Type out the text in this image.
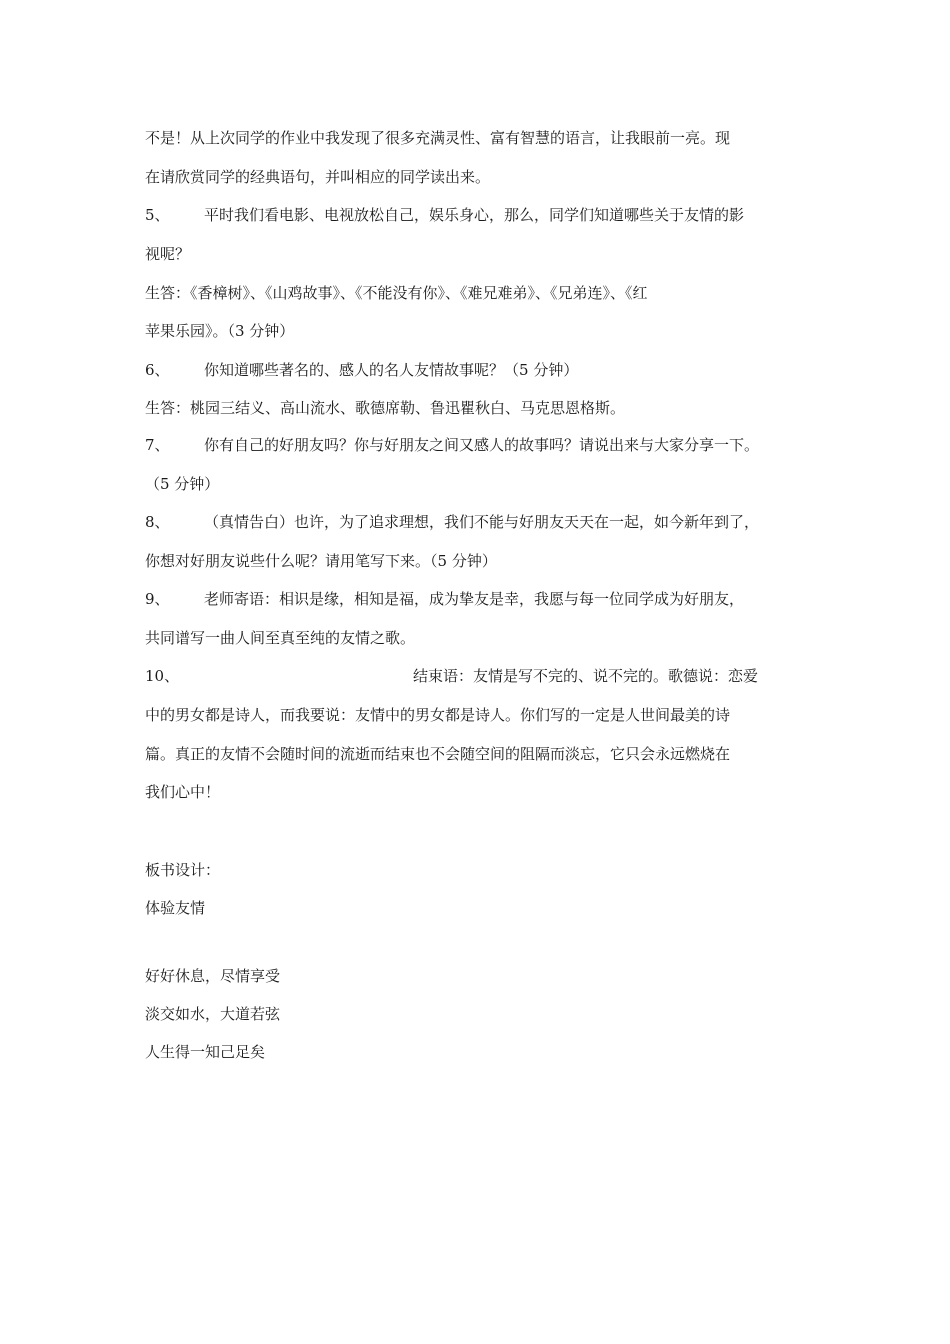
不是！从上次同学的作业中我发现了很多充满灵性、富有智慧的语言，让我眼前一亮。现
在请欣赏同学的经典语句，并叫相应的同学读出来。
5、 平时我们看电影、电视放松自己，娱乐身心，那么，同学们知道哪些关于友情的影
视呢？
生答：《香樟树》、《山鸡故事》、《不能没有你》、《难兄难弟》、《兄弟连》、《红
苹果乐园》。（3 分钟）
6、 你知道哪些著名的、感人的名人友情故事呢？（5 分钟）
生答：桃园三结义、高山流水、歌德席勒、鲁迅瞿秋白、马克思恩格斯。
7、 你有自己的好朋友吗？你与好朋友之间又感人的故事吗？请说出来与大家分享一下。
（5 分钟）
8、 （真情告白）也许，为了追求理想，我们不能与好朋友天天在一起，如今新年到了，
你想对好朋友说些什么呢？请用笔写下来。（5 分钟）
9、 老师寄语：相识是缘，相知是福，成为挚友是幸，我愿与每一位同学成为好朋友，
共同谱写一曲人间至真至纯的友情之歌。
10、	结束语：友情是写不完的、说不完的。歌德说：恋爱
中的男女都是诗人，而我要说：友情中的男女都是诗人。你们写的一定是人世间最美的诗
篇。真正的友情不会随时间的流逝而结束也不会随空间的阻隔而淡忘，它只会永远燃烧在
我们心中！
板书设计：
体验友情
好好休息，尽情享受
淡交如水，大道若弦
人生得一知己足矣
